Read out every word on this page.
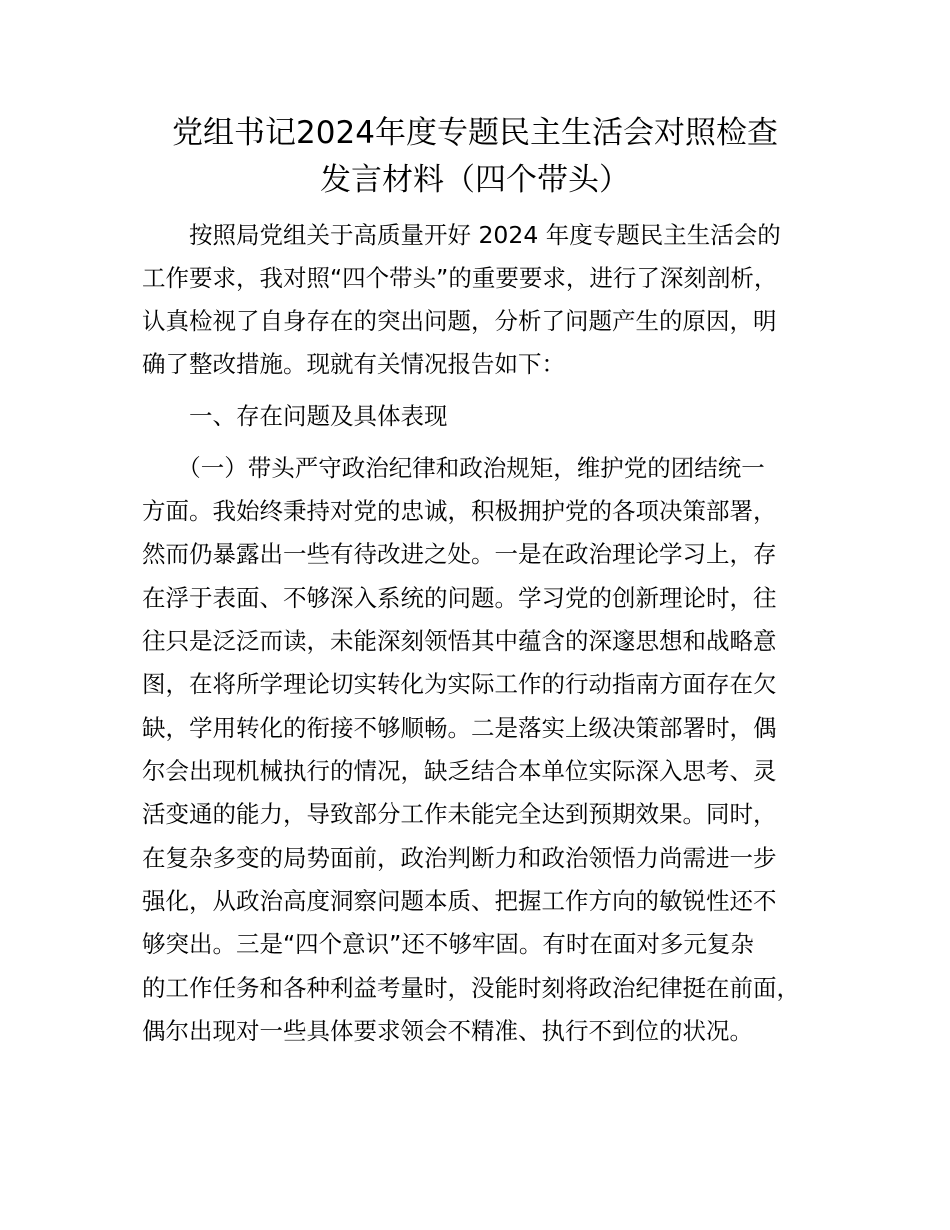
党组书记2024年度专题民主生活会对照检查
发言材料（四个带头）

　　按照局党组关于高质量开好 2024 年度专题民主生活会的

工作要求，我对照“四个带头”的重要要求，进行了深刻剖析，

认真检视了自身存在的突出问题，分析了问题产生的原因，明

确了整改措施。现就有关情况报告如下：

　　一、存在问题及具体表现

　　（一）带头严守政治纪律和政治规矩，维护党的团结统一

方面。我始终秉持对党的忠诚，积极拥护党的各项决策部署，

然而仍暴露出一些有待改进之处。一是在政治理论学习上，存

在浮于表面、不够深入系统的问题。学习党的创新理论时，往

往只是泛泛而读，未能深刻领悟其中蕴含的深邃思想和战略意

图，在将所学理论切实转化为实际工作的行动指南方面存在欠

缺，学用转化的衔接不够顺畅。二是落实上级决策部署时，偶

尔会出现机械执行的情况，缺乏结合本单位实际深入思考、灵

活变通的能力，导致部分工作未能完全达到预期效果。同时，

在复杂多变的局势面前，政治判断力和政治领悟力尚需进一步

强化，从政治高度洞察问题本质、把握工作方向的敏锐性还不

够突出。三是“四个意识”还不够牢固。有时在面对多元复杂

的工作任务和各种利益考量时，没能时刻将政治纪律挺在前面，

偶尔出现对一些具体要求领会不精准、执行不到位的状况。
